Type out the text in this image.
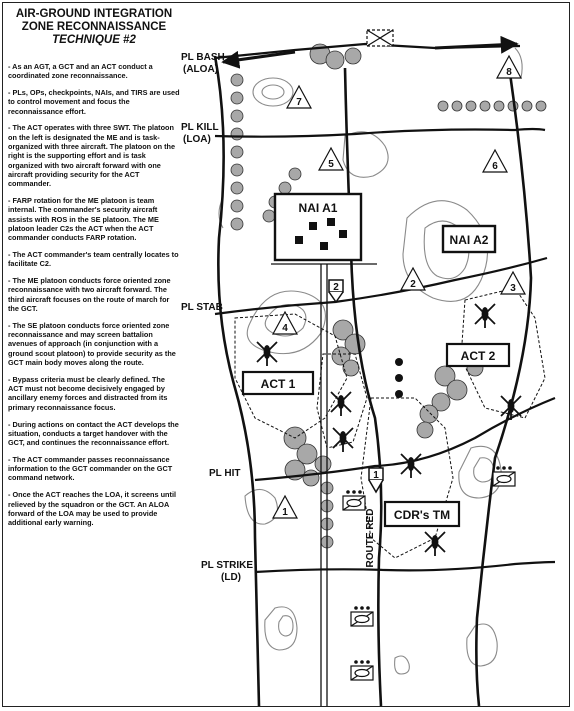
AIR-GROUND INTEGRATION
ZONE RECONNAISSANCE
TECHNIQUE #2
- As an AGT, a GCT and an ACT conduct a coordinated zone reconnaissance.
- PLs, OPs, checkpoints, NAIs, and TIRS are used to control movement and focus the reconnaissance effort.
- The ACT operates with three SWT. The platoon on the left is designated the ME and is task-organized with three aircraft. The platoon on the right is the supporting effort and is task organized with two aircraft forward with one aircraft providing security for the ACT commander.
- FARP rotation for the ME platoon is team internal. The commander's security aircraft assists with ROS in the SE platoon. The ME platoon leader C2s the ACT when the ACT commander conducts FARP rotation.
- The ACT commander's team centrally locates to facilitate C2.
- The ME platoon conducts force oriented zone reconnaissance with two aircraft forward. The third aircraft focuses on the route of march for the GCT.
- The SE platoon conducts force oriented zone reconnaissance and may screen battalion avenues of approach (in conjunction with a ground scout platoon) to provide security as the GCT main body moves along the route.
- Bypass criteria must be clearly defined. The ACT must not become decisively engaged by ancillary enemy forces and distracted from its primary reconnaissance focus.
- During actions on contact the ACT develops the situation, conducts a target handover with the GCT, and continues the reconnaissance effort.
- The ACT commander passes reconnaissance information to the GCT commander on the GCT command network.
- Once the ACT reaches the LOA, it screens until relieved by the squadron or the GCT. An ALOA forward of the LOA may be used to provide additional early warning.
ACT 1
ACT 2
CDR's TM
NAI A1
NAI A2
PL BASH
(ALOA)
PL KILL
(LOA)
PL STAB
PL HIT
PL STRIKE
(LD)
ROUTE RED
1
2	3
4
5	6
7
8
2
1
